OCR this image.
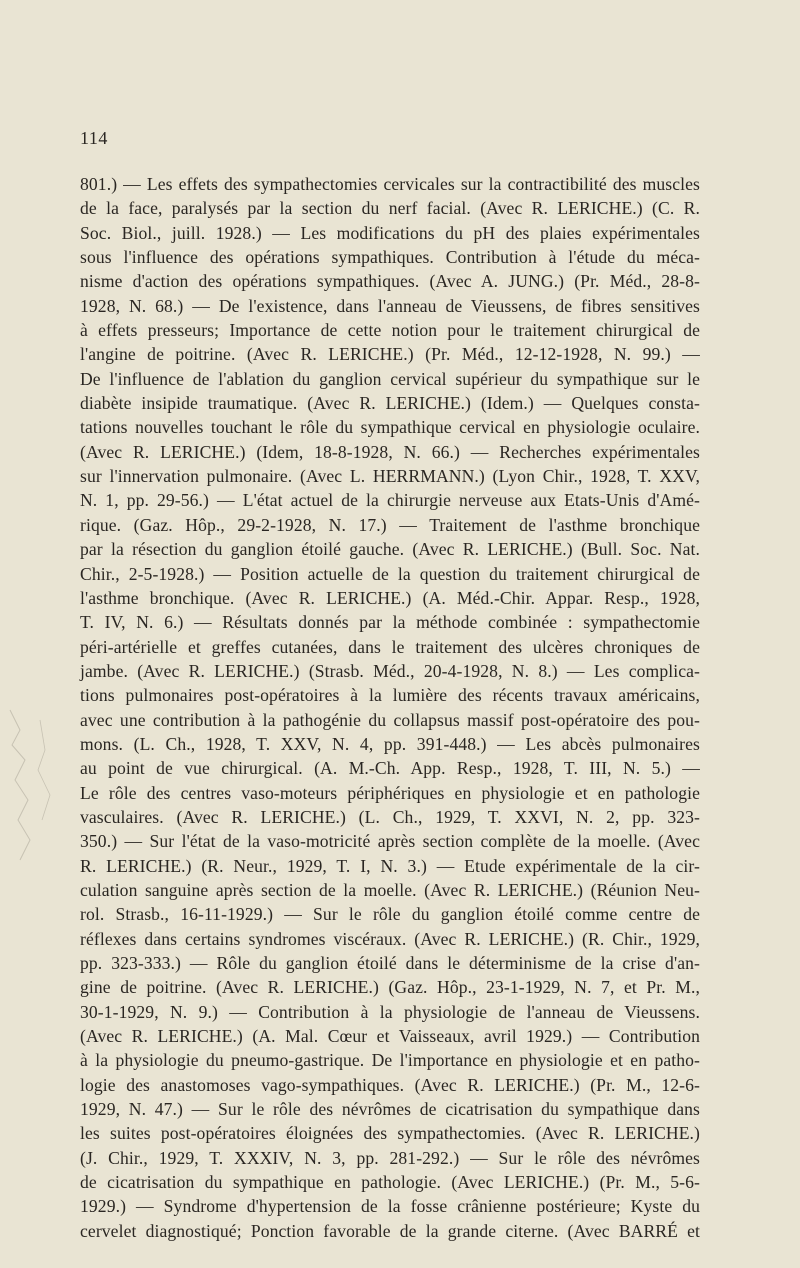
114
801.) — Les effets des sympathectomies cervicales sur la contractibilité des muscles
de la face, paralysés par la section du nerf facial. (Avec R. LERICHE.) (C. R.
Soc. Biol., juill. 1928.) — Les modifications du pH des plaies expérimentales
sous l'influence des opérations sympathiques. Contribution à l'étude du méca-
nisme d'action des opérations sympathiques. (Avec A. JUNG.) (Pr. Méd., 28-8-
1928, N. 68.) — De l'existence, dans l'anneau de Vieussens, de fibres sensitives
à effets presseurs; Importance de cette notion pour le traitement chirurgical de
l'angine de poitrine. (Avec R. LERICHE.) (Pr. Méd., 12-12-1928, N. 99.) —
De l'influence de l'ablation du ganglion cervical supérieur du sympathique sur le
diabète insipide traumatique. (Avec R. LERICHE.) (Idem.) — Quelques consta-
tations nouvelles touchant le rôle du sympathique cervical en physiologie oculaire.
(Avec R. LERICHE.) (Idem, 18-8-1928, N. 66.) — Recherches expérimentales
sur l'innervation pulmonaire. (Avec L. HERRMANN.) (Lyon Chir., 1928, T. XXV,
N. 1, pp. 29-56.) — L'état actuel de la chirurgie nerveuse aux Etats-Unis d'Amé-
rique. (Gaz. Hôp., 29-2-1928, N. 17.) — Traitement de l'asthme bronchique
par la résection du ganglion étoilé gauche. (Avec R. LERICHE.) (Bull. Soc. Nat.
Chir., 2-5-1928.) — Position actuelle de la question du traitement chirurgical de
l'asthme bronchique. (Avec R. LERICHE.) (A. Méd.-Chir. Appar. Resp., 1928,
T. IV, N. 6.) — Résultats donnés par la méthode combinée : sympathectomie
péri-artérielle et greffes cutanées, dans le traitement des ulcères chroniques de
jambe. (Avec R. LERICHE.) (Strasb. Méd., 20-4-1928, N. 8.) — Les complica-
tions pulmonaires post-opératoires à la lumière des récents travaux américains,
avec une contribution à la pathogénie du collapsus massif post-opératoire des pou-
mons. (L. Ch., 1928, T. XXV, N. 4, pp. 391-448.) — Les abcès pulmonaires
au point de vue chirurgical. (A. M.-Ch. App. Resp., 1928, T. III, N. 5.) —
Le rôle des centres vaso-moteurs périphériques en physiologie et en pathologie
vasculaires. (Avec R. LERICHE.) (L. Ch., 1929, T. XXVI, N. 2, pp. 323-
350.) — Sur l'état de la vaso-motricité après section complète de la moelle. (Avec
R. LERICHE.) (R. Neur., 1929, T. I, N. 3.) — Etude expérimentale de la cir-
culation sanguine après section de la moelle. (Avec R. LERICHE.) (Réunion Neu-
rol. Strasb., 16-11-1929.) — Sur le rôle du ganglion étoilé comme centre de
réflexes dans certains syndromes viscéraux. (Avec R. LERICHE.) (R. Chir., 1929,
pp. 323-333.) — Rôle du ganglion étoilé dans le déterminisme de la crise d'an-
gine de poitrine. (Avec R. LERICHE.) (Gaz. Hôp., 23-1-1929, N. 7, et Pr. M.,
30-1-1929, N. 9.) — Contribution à la physiologie de l'anneau de Vieussens.
(Avec R. LERICHE.) (A. Mal. Cœur et Vaisseaux, avril 1929.) — Contribution
à la physiologie du pneumo-gastrique. De l'importance en physiologie et en patho-
logie des anastomoses vago-sympathiques. (Avec R. LERICHE.) (Pr. M., 12-6-
1929, N. 47.) — Sur le rôle des névrômes de cicatrisation du sympathique dans
les suites post-opératoires éloignées des sympathectomies. (Avec R. LERICHE.)
(J. Chir., 1929, T. XXXIV, N. 3, pp. 281-292.) — Sur le rôle des névrômes
de cicatrisation du sympathique en pathologie. (Avec LERICHE.) (Pr. M., 5-6-
1929.) — Syndrome d'hypertension de la fosse crânienne postérieure; Kyste du
cervelet diagnostiqué; Ponction favorable de la grande citerne. (Avec BARRÉ et
